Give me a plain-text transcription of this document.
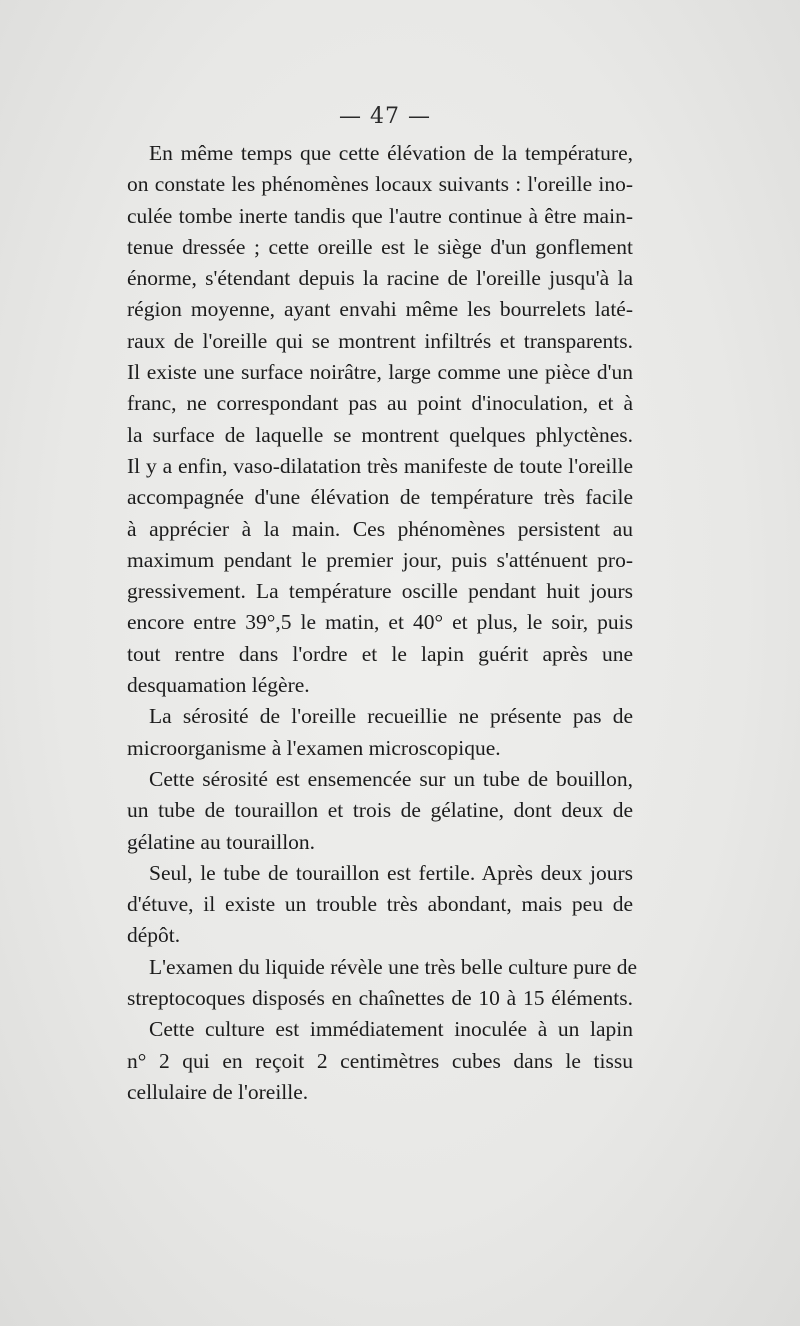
— 47 —
En même temps que cette élévation de la température,
on constate les phénomènes locaux suivants : l'oreille ino-
culée tombe inerte tandis que l'autre continue à être main-
tenue dressée ; cette oreille est le siège d'un gonflement
énorme, s'étendant depuis la racine de l'oreille jusqu'à la
région moyenne, ayant envahi même les bourrelets laté-
raux de l'oreille qui se montrent infiltrés et transparents.
Il existe une surface noirâtre, large comme une pièce d'un
franc, ne correspondant pas au point d'inoculation, et à
la surface de laquelle se montrent quelques phlyctènes.
Il y a enfin, vaso-dilatation très manifeste de toute l'oreille
accompagnée d'une élévation de température très facile
à apprécier à la main. Ces phénomènes persistent au
maximum pendant le premier jour, puis s'atténuent pro-
gressivement. La température oscille pendant huit jours
encore entre 39°,5 le matin, et 40° et plus, le soir, puis
tout rentre dans l'ordre et le lapin guérit après une
desquamation légère.
La sérosité de l'oreille recueillie ne présente pas de
microorganisme à l'examen microscopique.
Cette sérosité est ensemencée sur un tube de bouillon,
un tube de touraillon et trois de gélatine, dont deux de
gélatine au touraillon.
Seul, le tube de touraillon est fertile. Après deux jours
d'étuve, il existe un trouble très abondant, mais peu de
dépôt.
L'examen du liquide révèle une très belle culture pure de
streptocoques disposés en chaînettes de 10 à 15 éléments.
Cette culture est immédiatement inoculée à un lapin
n° 2 qui en reçoit 2 centimètres cubes dans le tissu
cellulaire de l'oreille.
